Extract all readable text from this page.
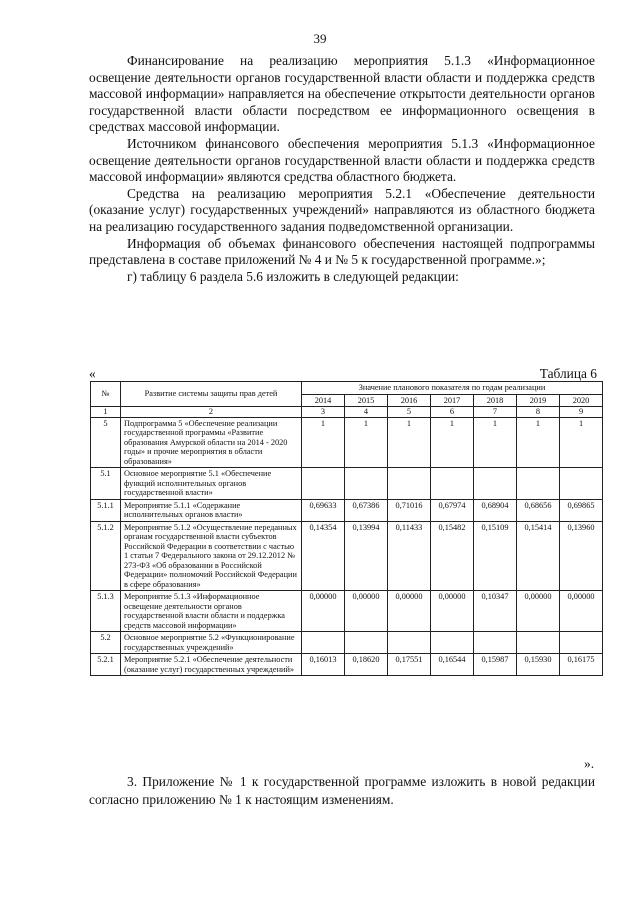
39

Финансирование на реализацию мероприятия 5.1.3 «Информационное освещение деятельности органов государственной власти области и поддержка средств массовой информации» направляется на обеспечение открытости деятельности органов государственной власти области посредством ее информационного освещения в средствах массовой информации.

Источником финансового обеспечения мероприятия 5.1.3 «Информационное освещение деятельности органов государственной власти области и поддержка средств массовой информации» являются средства областного бюджета.

Средства на реализацию мероприятия 5.2.1 «Обеспечение деятельности (оказание услуг) государственных учреждений» направляются из областного бюджета на реализацию государственного задания подведомственной организации.

Информация об объемах финансового обеспечения настоящей подпрограммы представлена в составе приложений № 4 и № 5 к государственной программе.»;

г) таблицу 6 раздела 5.6 изложить в следующей редакции:

«	Таблица 6
№	Развитие системы защиты прав детей	Значение планового показателя по годам реализации						
		2014	2015	2016	2017	2018	2019	2020
1	2	3	4	5	6	7	8	9
5	Подпрограмма 5 «Обеспечение реализации государственной программы «Развитие образования Амурской области на 2014 - 2020 годы» и прочие мероприятия в области образования»	1	1	1	1	1	1	1
5.1	Основное мероприятие 5.1 «Обеспечение функций исполнительных органов государственной власти»							
5.1.1	Мероприятие 5.1.1 «Содержание исполнительных органов власти»	0,69633	0,67386	0,71016	0,67974	0,68904	0,68656	0,69865
5.1.2	Мероприятие 5.1.2 «Осуществление переданных органам государственной власти субъектов Российской Федерации в соответствии с частью 1 статьи 7 Федерального закона от 29.12.2012 № 273-ФЗ «Об образовании в Российской Федерации» полномочий Российской Федерации в сфере образования»	0,14354	0,13994	0,11433	0,15482	0,15109	0,15414	0,13960
5.1.3	Мероприятие 5.1.3 «Информационное освещение деятельности органов государственной власти области и поддержка средств массовой информации»	0,00000	0,00000	0,00000	0,00000	0,10347	0,00000	0,00000
5.2	Основное мероприятие 5.2 «Функционирование государственных учреждений»							
5.2.1	Мероприятие 5.2.1 «Обеспечение деятельности (оказание услуг) государственных учреждений»	0,16013	0,18620	0,17551	0,16544	0,15987	0,15930	0,16175
».

3. Приложение № 1 к государственной программе изложить в новой редакции согласно приложению № 1 к настоящим изменениям.
